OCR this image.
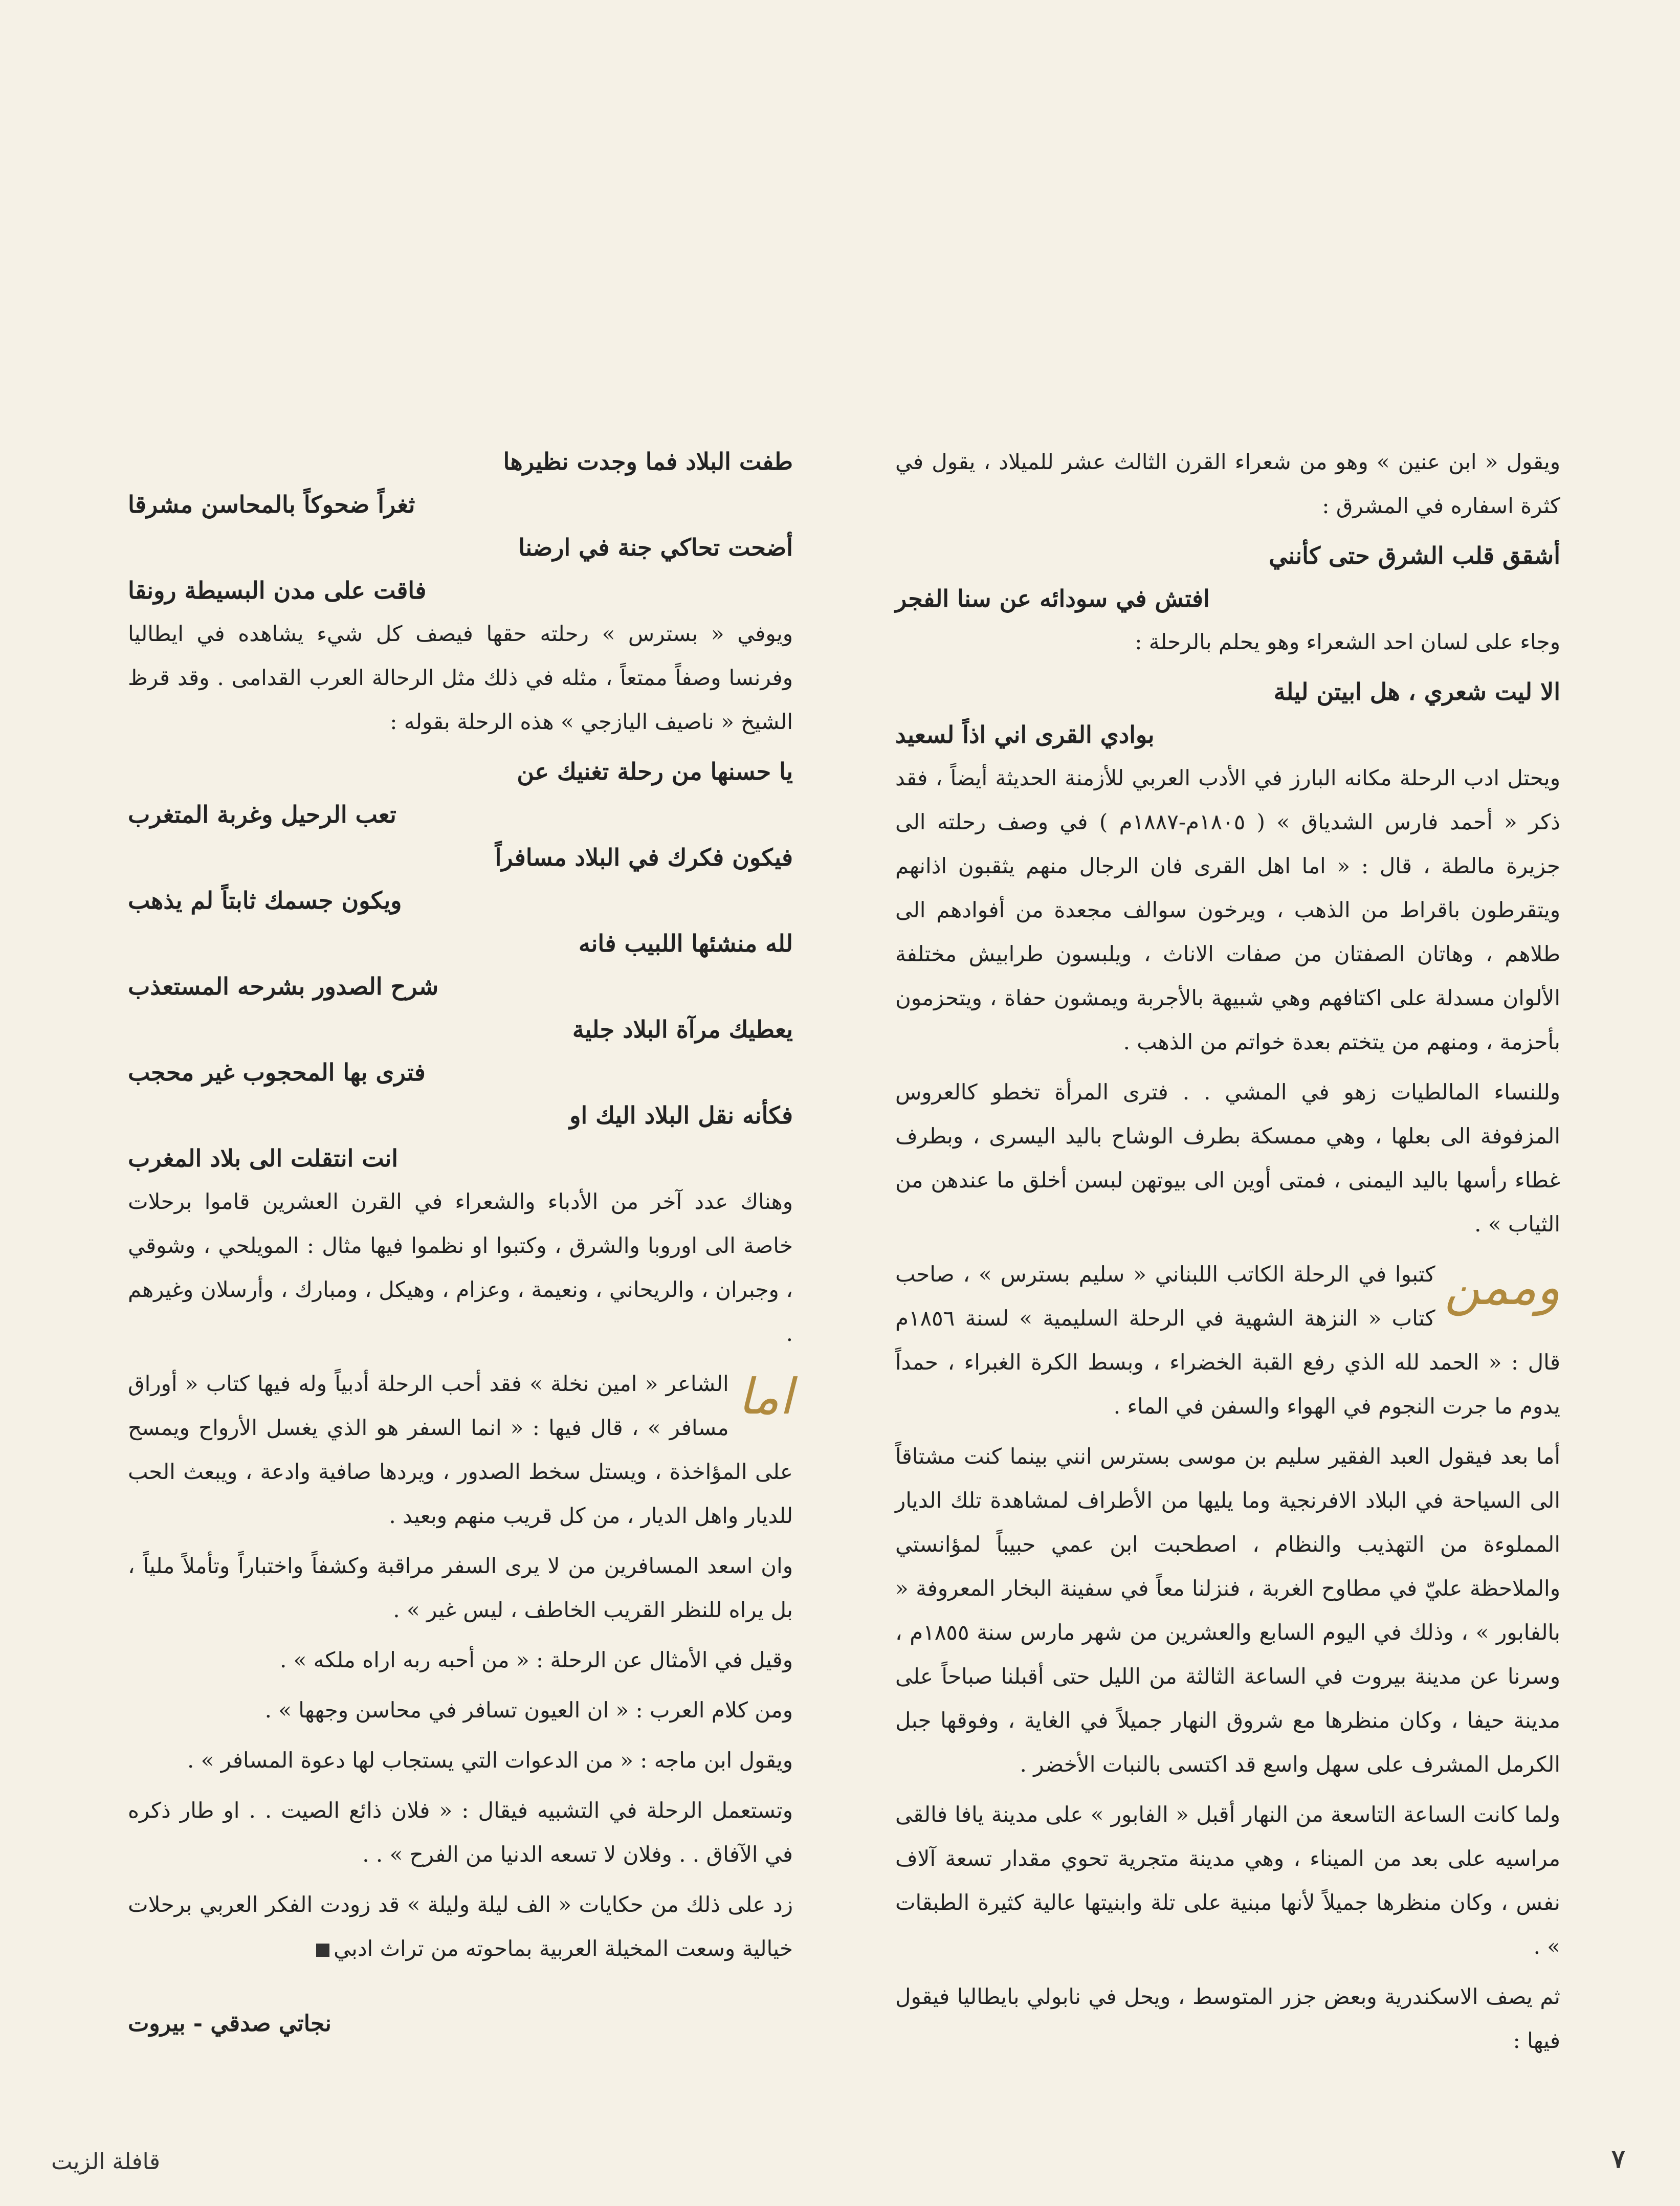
ويقول « ابن عنين » وهو من شعراء القرن الثالث عشر للميلاد ، يقول في كثرة اسفاره في المشرق :

أشقق قلب الشرق حتى كأنني
افتش في سودائه عن سنا الفجر

وجاء على لسان احد الشعراء وهو يحلم بالرحلة :

الا ليت شعري ، هل ابيتن ليلة
بوادي القرى اني اذاً لسعيد

ويحتل ادب الرحلة مكانه البارز في الأدب العربي للأزمنة الحديثة أيضاً ، فقد ذكر « أحمد فارس الشدياق » ( ١٨٠٥م-١٨٨٧م ) في وصف رحلته الى جزيرة مالطة ، قال : « اما اهل القرى فان الرجال منهم يثقبون اذانهم ويتقرطون باقراط من الذهب ، ويرخون سوالف مجعدة من أفوادهم الى طلاهم ، وهاتان الصفتان من صفات الاناث ، ويلبسون طرابيش مختلفة الألوان مسدلة على اكتافهم وهي شبيهة بالأجربة ويمشون حفاة ، ويتحزمون بأحزمة ، ومنهم من يتختم بعدة خواتم من الذهب .

وللنساء المالطيات زهو في المشي . . فترى المرأة تخطو كالعروس المزفوفة الى بعلها ، وهي ممسكة بطرف الوشاح باليد اليسرى ، وبطرف غطاء رأسها باليد اليمنى ، فمتى أوين الى بيوتهن لبسن أخلق ما عندهن من الثياب » .

وممن
كتبوا في الرحلة الكاتب اللبناني « سليم بسترس » ، صاحب كتاب « النزهة الشهية في الرحلة السليمية » لسنة ١٨٥٦م قال : « الحمد لله الذي رفع القبة الخضراء ، وبسط الكرة الغبراء ، حمداً يدوم ما جرت النجوم في الهواء والسفن في الماء .

أما بعد فيقول العبد الفقير سليم بن موسى بسترس انني بينما كنت مشتاقاً الى السياحة في البلاد الافرنجية وما يليها من الأطراف لمشاهدة تلك الديار المملوءة من التهذيب والنظام ، اصطحبت ابن عمي حبيباً لمؤانستي والملاحظة عليّ في مطاوح الغربة ، فنزلنا معاً في سفينة البخار المعروفة « بالفابور » ، وذلك في اليوم السابع والعشرين من شهر مارس سنة ١٨٥٥م ، وسرنا عن مدينة بيروت في الساعة الثالثة من الليل حتى أقبلنا صباحاً على مدينة حيفا ، وكان منظرها مع شروق النهار جميلاً في الغاية ، وفوقها جبل الكرمل المشرف على سهل واسع قد اكتسى بالنبات الأخضر .

ولما كانت الساعة التاسعة من النهار أقبل « الفابور » على مدينة يافا فالقى مراسيه على بعد من الميناء ، وهي مدينة متجرية تحوي مقدار تسعة آلاف نفس ، وكان منظرها جميلاً لأنها مبنية على تلة وابنيتها عالية كثيرة الطبقات » .

ثم يصف الاسكندرية وبعض جزر المتوسط ، ويحل في نابولي بايطاليا فيقول فيها :

طفت البلاد فما وجدت نظيرها
ثغراً ضحوكاً بالمحاسن مشرقا
أضحت تحاكي جنة في ارضنا
فاقت على مدن البسيطة رونقا

ويوفي « بسترس » رحلته حقها فيصف كل شيء يشاهده في ايطاليا وفرنسا وصفاً ممتعاً ، مثله في ذلك مثل الرحالة العرب القدامى . وقد قرظ الشيخ « ناصيف اليازجي » هذه الرحلة بقوله :

يا حسنها من رحلة تغنيك عن
تعب الرحيل وغربة المتغرب
فيكون فكرك في البلاد مسافراً
ويكون جسمك ثابتاً لم يذهب
لله منشئها اللبيب فانه
شرح الصدور بشرحه المستعذب
يعطيك مرآة البلاد جلية
فترى بها المحجوب غير محجب
فكأنه نقل البلاد اليك او
انت انتقلت الى بلاد المغرب

وهناك عدد آخر من الأدباء والشعراء في القرن العشرين قاموا برحلات خاصة الى اوروبا والشرق ، وكتبوا او نظموا فيها مثال : المويلحي ، وشوقي ، وجبران ، والريحاني ، ونعيمة ، وعزام ، وهيكل ، ومبارك ، وأرسلان وغيرهم .

اما
الشاعر « امين نخلة » فقد أحب الرحلة أدبياً وله فيها كتاب « أوراق مسافر » ، قال فيها : « انما السفر هو الذي يغسل الأرواح ويمسح على المؤاخذة ، ويستل سخط الصدور ، ويردها صافية وادعة ، ويبعث الحب للديار واهل الديار ، من كل قريب منهم وبعيد .

وان اسعد المسافرين من لا يرى السفر مراقبة وكشفاً واختباراً وتأملاً ملياً ، بل يراه للنظر القريب الخاطف ، ليس غير » .

وقيل في الأمثال عن الرحلة : « من أحبه ربه اراه ملكه » .

ومن كلام العرب : « ان العيون تسافر في محاسن وجهها » .

ويقول ابن ماجه : « من الدعوات التي يستجاب لها دعوة المسافر » .

وتستعمل الرحلة في التشبيه فيقال : « فلان ذائع الصيت . . او طار ذكره في الآفاق . . وفلان لا تسعه الدنيا من الفرح » . .

زد على ذلك من حكايات « الف ليلة وليلة » قد زودت الفكر العربي برحلات خيالية وسعت المخيلة العربية بماحوته من تراث ادبي

نجاتي صدقي - بيروت
قافلة الزيت	٧
